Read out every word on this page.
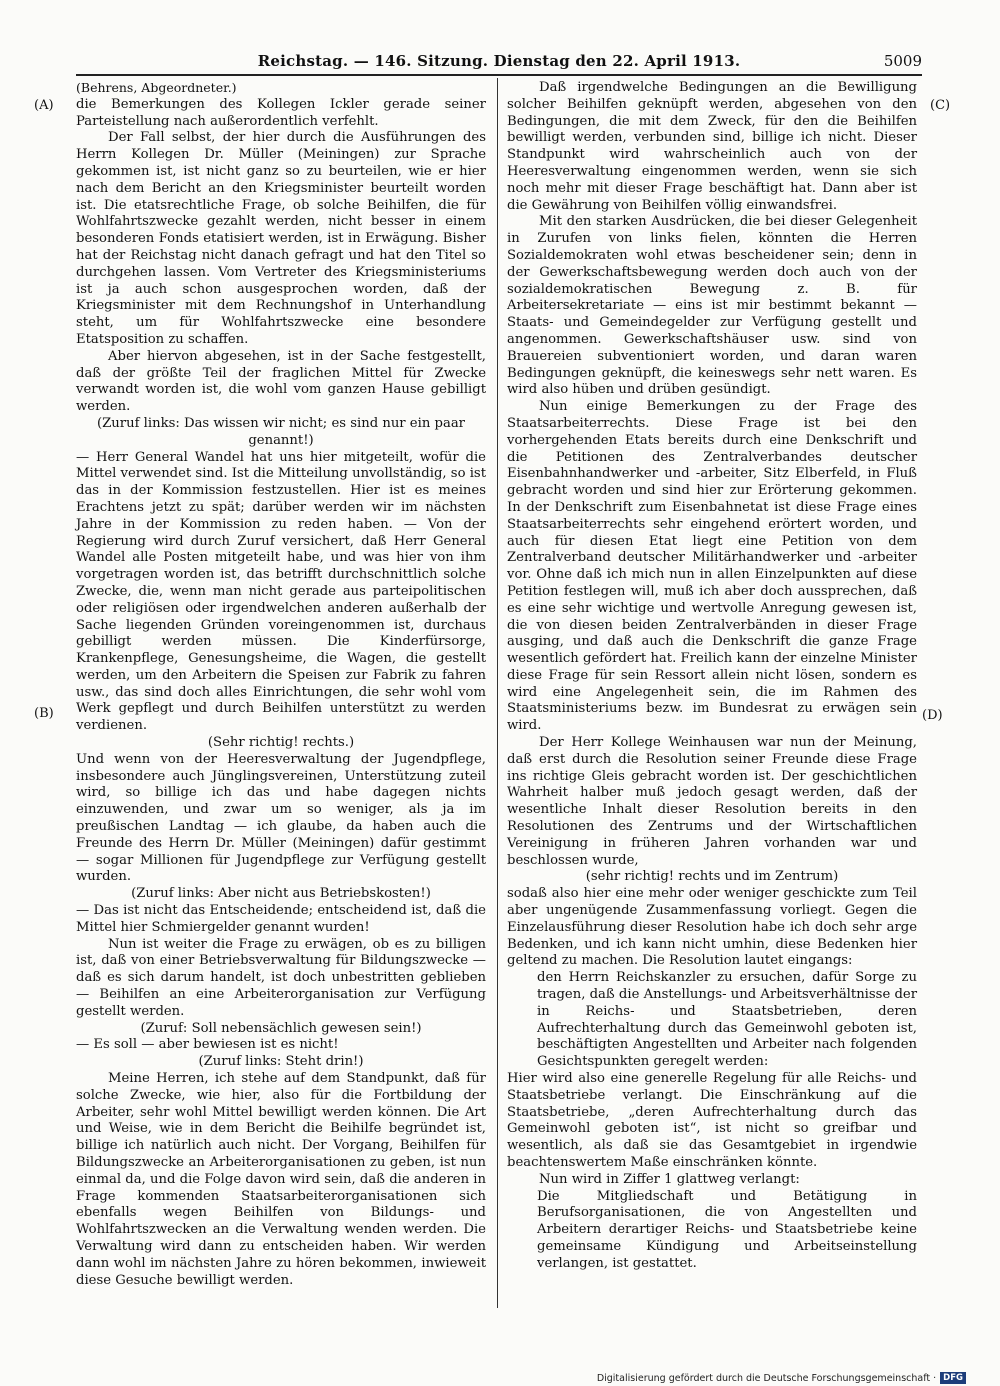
Reichstag. — 146. Sitzung. Dienstag den 22. April 1913.	5009
(A)
(B)
(C)
(D)

(Behrens, Abgeordneter.)

die Bemerkungen des Kollegen Ickler gerade seiner Parteistellung nach außerordentlich verfehlt.

Der Fall selbst, der hier durch die Ausführungen des Herrn Kollegen Dr. Müller (Meiningen) zur Sprache gekommen ist, ist nicht ganz so zu beurteilen, wie er hier nach dem Bericht an den Kriegsminister beurteilt worden ist. Die etatsrechtliche Frage, ob solche Beihilfen, die für Wohlfahrtszwecke gezahlt werden, nicht besser in einem besonderen Fonds etatisiert werden, ist in Erwägung. Bisher hat der Reichstag nicht danach gefragt und hat den Titel so durchgehen lassen. Vom Vertreter des Kriegsministeriums ist ja auch schon ausgesprochen worden, daß der Kriegsminister mit dem Rechnungshof in Unterhandlung steht, um für Wohlfahrtszwecke eine besondere Etatsposition zu schaffen.

Aber hiervon abgesehen, ist in der Sache festgestellt, daß der größte Teil der fraglichen Mittel für Zwecke verwandt worden ist, die wohl vom ganzen Hause gebilligt werden.

(Zuruf links: Das wissen wir nicht; es sind nur ein paar genannt!)

— Herr General Wandel hat uns hier mitgeteilt, wofür die Mittel verwendet sind. Ist die Mitteilung unvollständig, so ist das in der Kommission festzustellen. Hier ist es meines Erachtens jetzt zu spät; darüber werden wir im nächsten Jahre in der Kommission zu reden haben. — Von der Regierung wird durch Zuruf versichert, daß Herr General Wandel alle Posten mitgeteilt habe, und was hier von ihm vorgetragen worden ist, das betrifft durchschnittlich solche Zwecke, die, wenn man nicht gerade aus parteipolitischen oder religiösen oder irgendwelchen anderen außerhalb der Sache liegenden Gründen voreingenommen ist, durchaus gebilligt werden müssen. Die Kinderfürsorge, Krankenpflege, Genesungsheime, die Wagen, die gestellt werden, um den Arbeitern die Speisen zur Fabrik zu fahren usw., das sind doch alles Einrichtungen, die sehr wohl vom Werk gepflegt und durch Beihilfen unterstützt zu werden verdienen.

(Sehr richtig! rechts.)

Und wenn von der Heeresverwaltung der Jugendpflege, insbesondere auch Jünglingsvereinen, Unterstützung zuteil wird, so billige ich das und habe dagegen nichts einzuwenden, und zwar um so weniger, als ja im preußischen Landtag — ich glaube, da haben auch die Freunde des Herrn Dr. Müller (Meiningen) dafür gestimmt — sogar Millionen für Jugendpflege zur Verfügung gestellt wurden.

(Zuruf links: Aber nicht aus Betriebskosten!)

— Das ist nicht das Entscheidende; entscheidend ist, daß die Mittel hier Schmiergelder genannt wurden!

Nun ist weiter die Frage zu erwägen, ob es zu billigen ist, daß von einer Betriebsverwaltung für Bildungszwecke — daß es sich darum handelt, ist doch unbestritten geblieben — Beihilfen an eine Arbeiterorganisation zur Verfügung gestellt werden.

(Zuruf: Soll nebensächlich gewesen sein!)

— Es soll — aber bewiesen ist es nicht!

(Zuruf links: Steht drin!)

Meine Herren, ich stehe auf dem Standpunkt, daß für solche Zwecke, wie hier, also für die Fortbildung der Arbeiter, sehr wohl Mittel bewilligt werden können. Die Art und Weise, wie in dem Bericht die Beihilfe begründet ist, billige ich natürlich auch nicht. Der Vorgang, Beihilfen für Bildungszwecke an Arbeiterorganisationen zu geben, ist nun einmal da, und die Folge davon wird sein, daß die anderen in Frage kommenden Staatsarbeiterorganisationen sich ebenfalls wegen Beihilfen von Bildungs- und Wohlfahrtszwecken an die Verwaltung wenden werden. Die Verwaltung wird dann zu entscheiden haben. Wir werden dann wohl im nächsten Jahre zu hören bekommen, inwieweit diese Gesuche bewilligt werden.

Daß irgendwelche Bedingungen an die Bewilligung solcher Beihilfen geknüpft werden, abgesehen von den Bedingungen, die mit dem Zweck, für den die Beihilfen bewilligt werden, verbunden sind, billige ich nicht. Dieser Standpunkt wird wahrscheinlich auch von der Heeresverwaltung eingenommen werden, wenn sie sich noch mehr mit dieser Frage beschäftigt hat. Dann aber ist die Gewährung von Beihilfen völlig einwandsfrei.

Mit den starken Ausdrücken, die bei dieser Gelegenheit in Zurufen von links fielen, könnten die Herren Sozialdemokraten wohl etwas bescheidener sein; denn in der Gewerkschaftsbewegung werden doch auch von der sozialdemokratischen Bewegung z. B. für Arbeitersekretariate — eins ist mir bestimmt bekannt — Staats- und Gemeindegelder zur Verfügung gestellt und angenommen. Gewerkschaftshäuser usw. sind von Brauereien subventioniert worden, und daran waren Bedingungen geknüpft, die keineswegs sehr nett waren. Es wird also hüben und drüben gesündigt.

Nun einige Bemerkungen zu der Frage des Staatsarbeiterrechts. Diese Frage ist bei den vorhergehenden Etats bereits durch eine Denkschrift und die Petitionen des Zentralverbandes deutscher Eisenbahnhandwerker und -arbeiter, Sitz Elberfeld, in Fluß gebracht worden und sind hier zur Erörterung gekommen. In der Denkschrift zum Eisenbahnetat ist diese Frage eines Staatsarbeiterrechts sehr eingehend erörtert worden, und auch für diesen Etat liegt eine Petition von dem Zentralverband deutscher Militärhandwerker und -arbeiter vor. Ohne daß ich mich nun in allen Einzelpunkten auf diese Petition festlegen will, muß ich aber doch aussprechen, daß es eine sehr wichtige und wertvolle Anregung gewesen ist, die von diesen beiden Zentralverbänden in dieser Frage ausging, und daß auch die Denkschrift die ganze Frage wesentlich gefördert hat. Freilich kann der einzelne Minister diese Frage für sein Ressort allein nicht lösen, sondern es wird eine Angelegenheit sein, die im Rahmen des Staatsministeriums bezw. im Bundesrat zu erwägen sein wird.

Der Herr Kollege Weinhausen war nun der Meinung, daß erst durch die Resolution seiner Freunde diese Frage ins richtige Gleis gebracht worden ist. Der geschichtlichen Wahrheit halber muß jedoch gesagt werden, daß der wesentliche Inhalt dieser Resolution bereits in den Resolutionen des Zentrums und der Wirtschaftlichen Vereinigung in früheren Jahren vorhanden war und beschlossen wurde,

(sehr richtig! rechts und im Zentrum)

sodaß also hier eine mehr oder weniger geschickte zum Teil aber ungenügende Zusammenfassung vorliegt. Gegen die Einzelausführung dieser Resolution habe ich doch sehr arge Bedenken, und ich kann nicht umhin, diese Bedenken hier geltend zu machen. Die Resolution lautet eingangs:

den Herrn Reichskanzler zu ersuchen, dafür Sorge zu tragen, daß die Anstellungs- und Arbeitsverhältnisse der in Reichs- und Staatsbetrieben, deren Aufrechterhaltung durch das Gemeinwohl geboten ist, beschäftigten Angestellten und Arbeiter nach folgenden Gesichtspunkten geregelt werden:

Hier wird also eine generelle Regelung für alle Reichs- und Staatsbetriebe verlangt. Die Einschränkung auf die Staatsbetriebe, „deren Aufrechterhaltung durch das Gemeinwohl geboten ist“, ist nicht so greifbar und wesentlich, als daß sie das Gesamtgebiet in irgendwie beachtenswertem Maße einschränken könnte.

Nun wird in Ziffer 1 glattweg verlangt:

Die Mitgliedschaft und Betätigung in Berufsorganisationen, die von Angestellten und Arbeitern derartiger Reichs- und Staatsbetriebe keine gemeinsame Kündigung und Arbeitseinstellung verlangen, ist gestattet.

Digitalisierung gefördert durch die Deutsche Forschungsgemeinschaft · DFG
